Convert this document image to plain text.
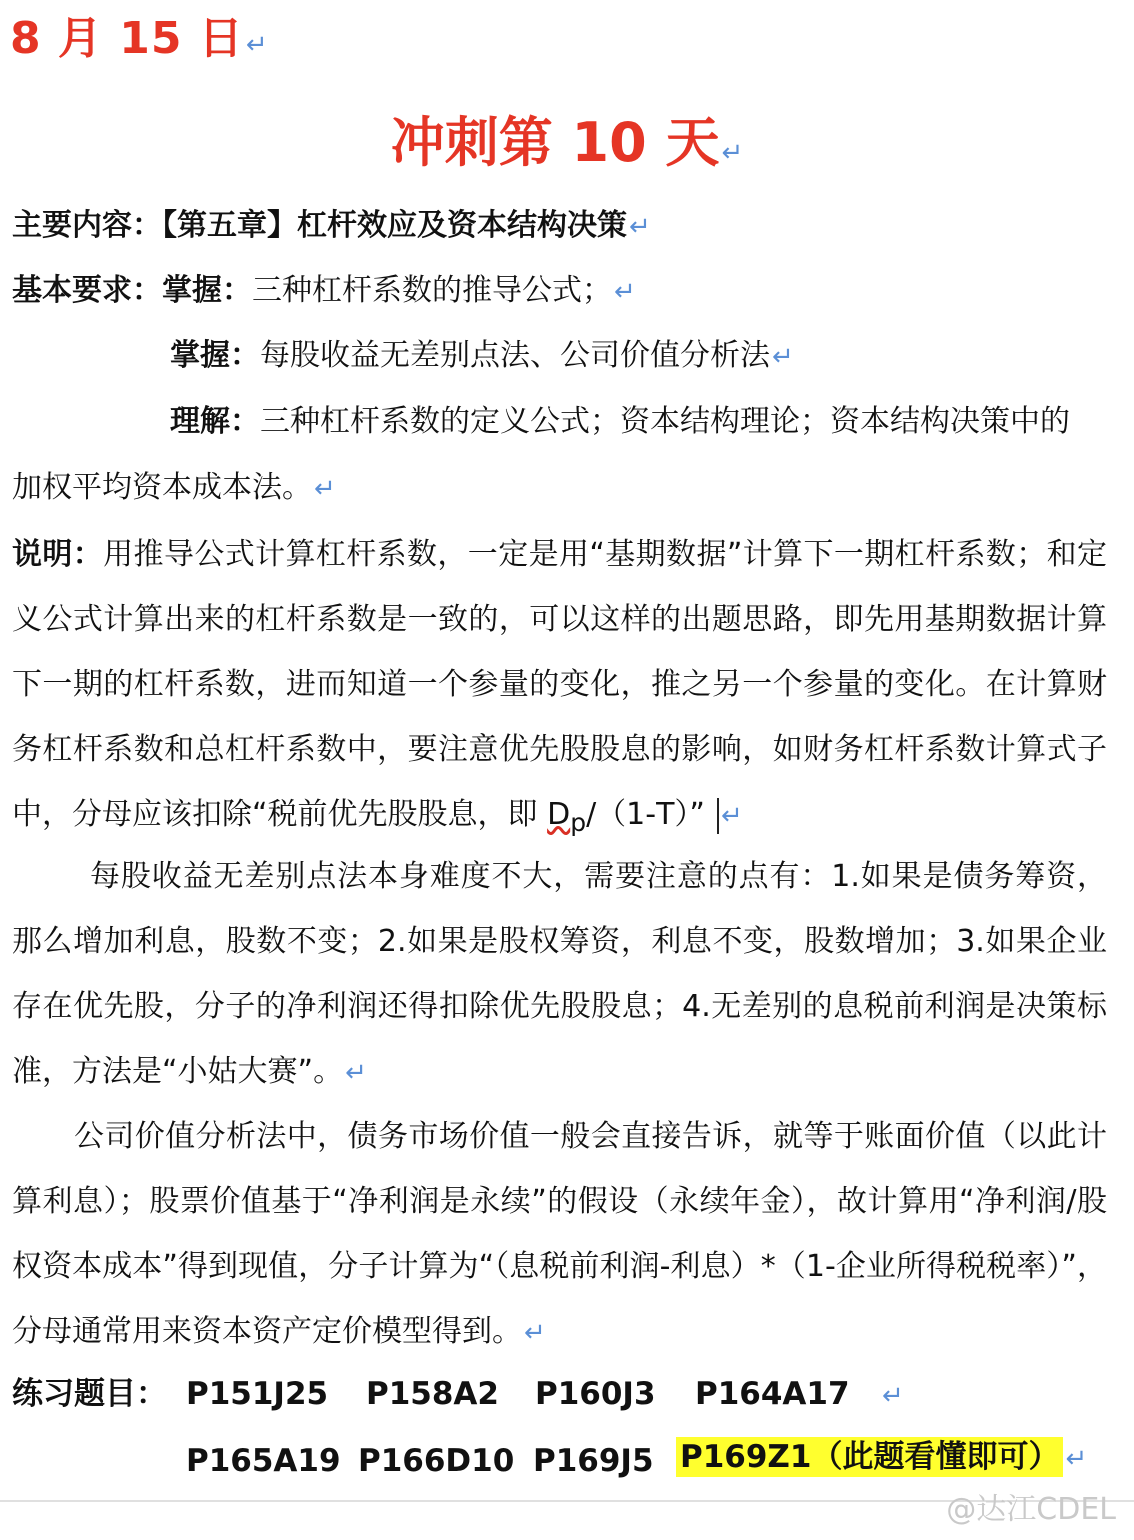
8 月 15 日↵
冲刺第 10 天↵
主要内容：【第五章】杠杆效应及资本结构决策↵
基本要求：掌握：三种杠杆系数的推导公式；↵
掌握：每股收益无差别点法、公司价值分析法↵
理解：三种杠杆系数的定义公式；资本结构理论；资本结构决策中的
加权平均资本成本法。↵
说明：用推导公式计算杠杆系数，一定是用“基期数据”计算下一期杠杆系数；和定义公式计算出来的杠杆系数是一致的，可以这样的出题思路，即先用基期数据计算下一期的杠杆系数，进而知道一个参量的变化，推之另一个参量的变化。在计算财务杠杆系数和总杠杆系数中，要注意优先股股息的影响，如财务杠杆系数计算式子中，分母应该扣除“税前优先股股息，即 $D_p/(1-T)$” ↵
每股收益无差别点法本身难度不大，需要注意的点有：1.如果是债务筹资，那么增加利息，股数不变；2.如果是股权筹资，利息不变，股数增加；3.如果企业存在优先股，分子的净利润还得扣除优先股股息；4.无差别的息税前利润是决策标准，方法是“小姑大赛”。↵
公司价值分析法中，债务市场价值一般会直接告诉，就等于账面价值（以此计算利息）；股票价值基于“净利润是永续”的假设（永续年金），故计算用“净利润/股权资本成本”得到现值，分子计算为“（息税前利润-利息）*（1-企业所得税税率）”，分母通常用来资本资产定价模型得到。↵
练习题目： P151J25 P158A2 P160J3 P164A17 ↵
P165A19 P166D10 P169J5 P169Z1（此题看懂即可） ↵
@达江CDEL
